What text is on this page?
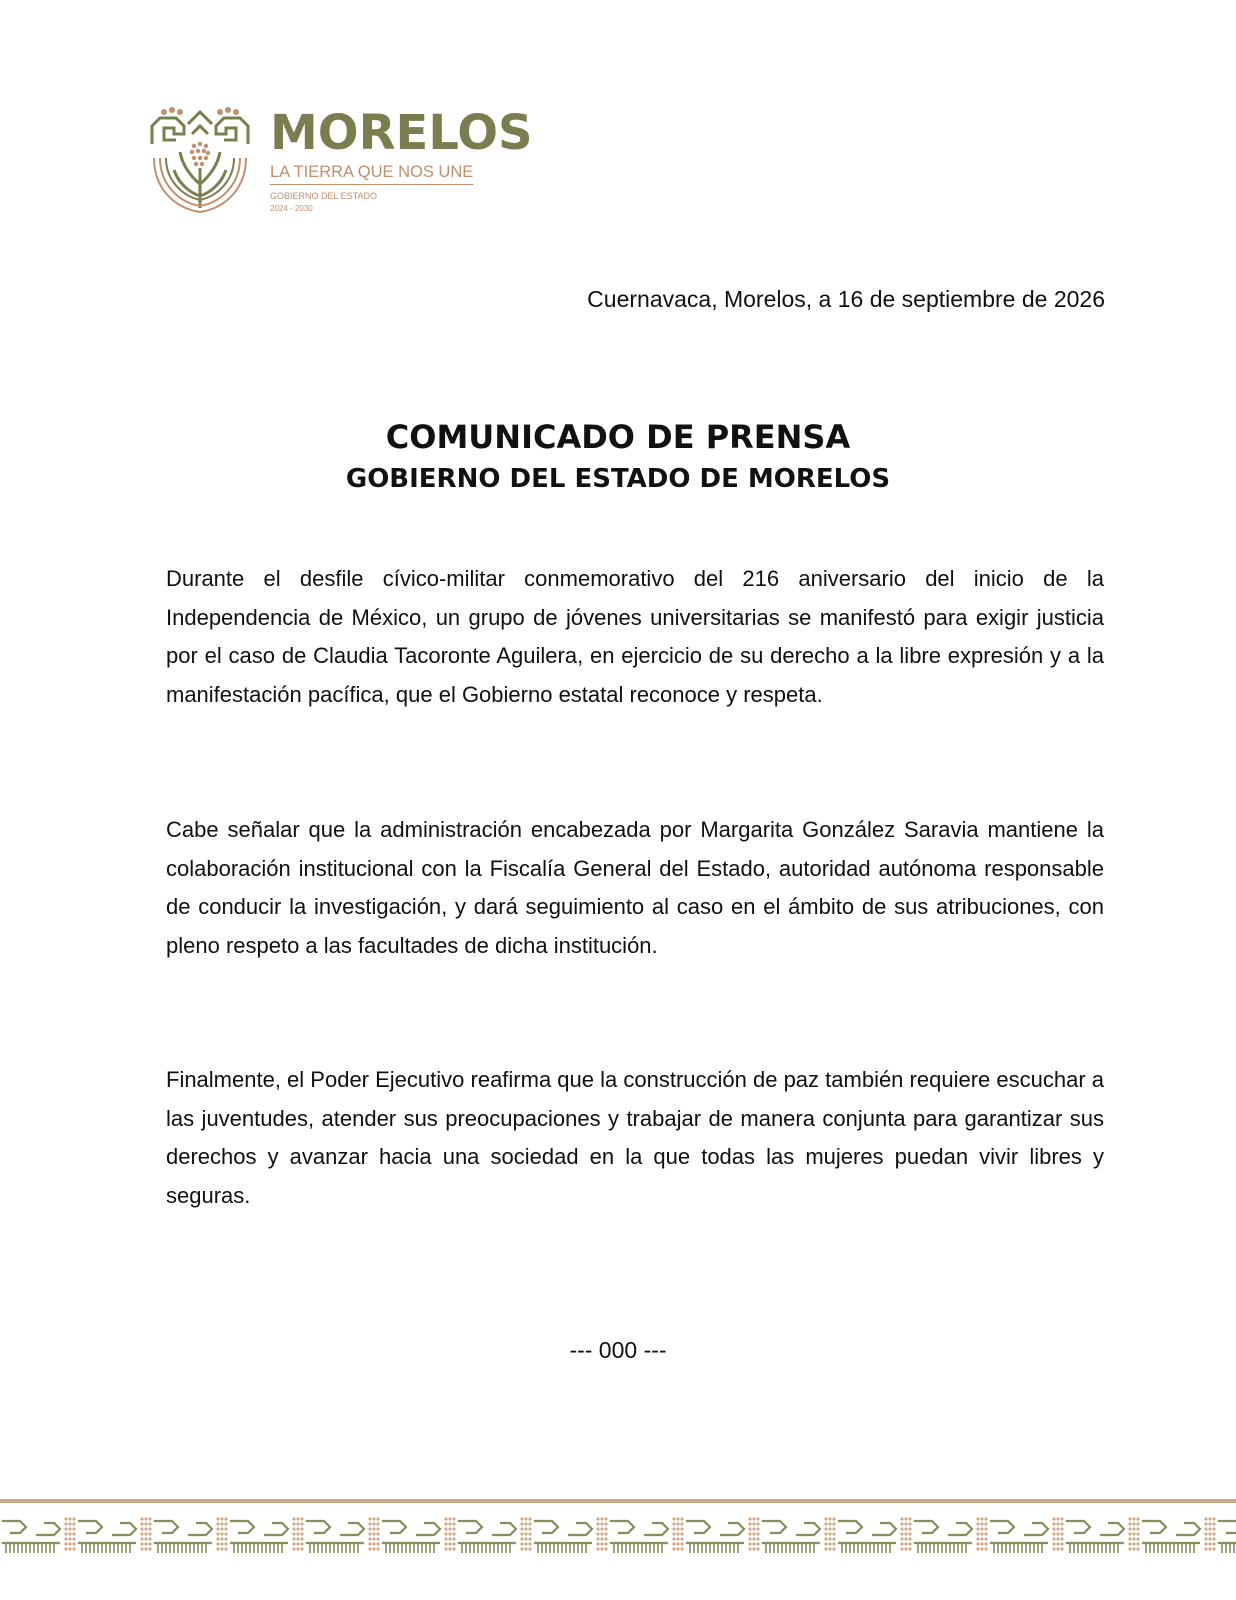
MORELOS
LA TIERRA QUE NOS UNE
GOBIERNO DEL ESTADO
2024 - 2030
Cuernavaca, Morelos, a 16 de septiembre de 2026
COMUNICADO DE PRENSA
GOBIERNO DEL ESTADO DE MORELOS

Durante el desfile cívico-militar conmemorativo del 216 aniversario del inicio de la Independencia de México, un grupo de jóvenes universitarias se manifestó para exigir justicia por el caso de Claudia Tacoronte Aguilera, en ejercicio de su derecho a la libre expresión y a la manifestación pacífica, que el Gobierno estatal reconoce y respeta.

Cabe señalar que la administración encabezada por Margarita González Saravia mantiene la colaboración institucional con la Fiscalía General del Estado, autoridad autónoma responsable de conducir la investigación, y dará seguimiento al caso en el ámbito de sus atribuciones, con pleno respeto a las facultades de dicha institución.

Finalmente, el Poder Ejecutivo reafirma que la construcción de paz también requiere escuchar a las juventudes, atender sus preocupaciones y trabajar de manera conjunta para garantizar sus derechos y avanzar hacia una sociedad en la que todas las mujeres puedan vivir libres y seguras.

--- 000 ---
